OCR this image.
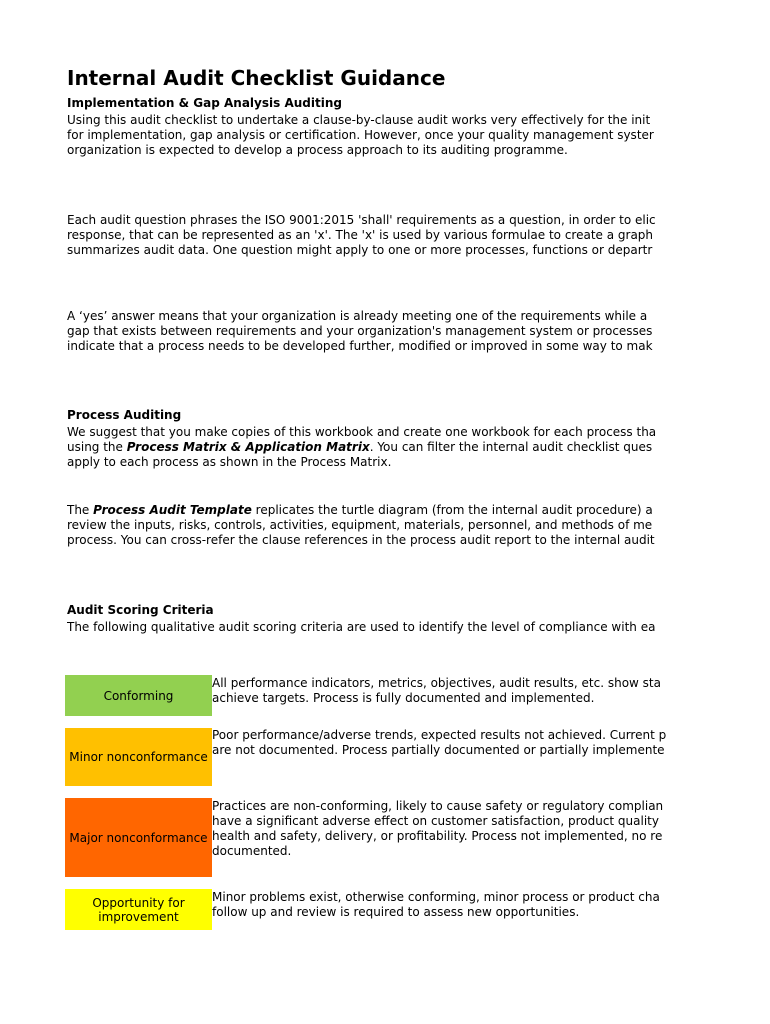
Internal Audit Checklist Guidance
Implementation & Gap Analysis Auditing
Using this audit checklist to undertake a clause-by-clause audit works very effectively for the init
for implementation, gap analysis or certification. However, once your quality management syster
organization is expected to develop a process approach to its auditing programme.
Each audit question phrases the ISO 9001:2015 'shall' requirements as a question, in order to elic
response, that can be represented as an 'x'. The 'x' is used by various formulae to create a graph
summarizes audit data. One question might apply to one or more processes, functions or departr
A ‘yes’ answer means that your organization is already meeting one of the requirements while a
gap that exists between requirements and your organization's management system or processes
indicate that a process needs to be developed further, modified or improved in some way to mak
Process Auditing
We suggest that you make copies of this workbook and create one workbook for each process tha
using the Process Matrix & Application Matrix. You can filter the internal audit checklist ques
apply to each process as shown in the Process Matrix.
The Process Audit Template replicates the turtle diagram (from the internal audit procedure) a
review the inputs, risks, controls, activities, equipment, materials, personnel, and methods of me
process. You can cross-refer the clause references in the process audit report to the internal audit
Audit Scoring Criteria
The following qualitative audit scoring criteria are used to identify the level of compliance with ea
Conforming
All performance indicators, metrics, objectives, audit results, etc. show sta
achieve targets. Process is fully documented and implemented.
Minor nonconformance
Poor performance/adverse trends, expected results not achieved. Current p
are not documented. Process partially documented or partially implemente
Major nonconformance
Practices are non-conforming, likely to cause safety or regulatory complian
have a significant adverse effect on customer satisfaction, product quality
health and safety, delivery, or profitability. Process not implemented, no re
documented.
Opportunity for improvement
Minor problems exist, otherwise conforming, minor process or product cha
follow up and review is required to assess new opportunities.
